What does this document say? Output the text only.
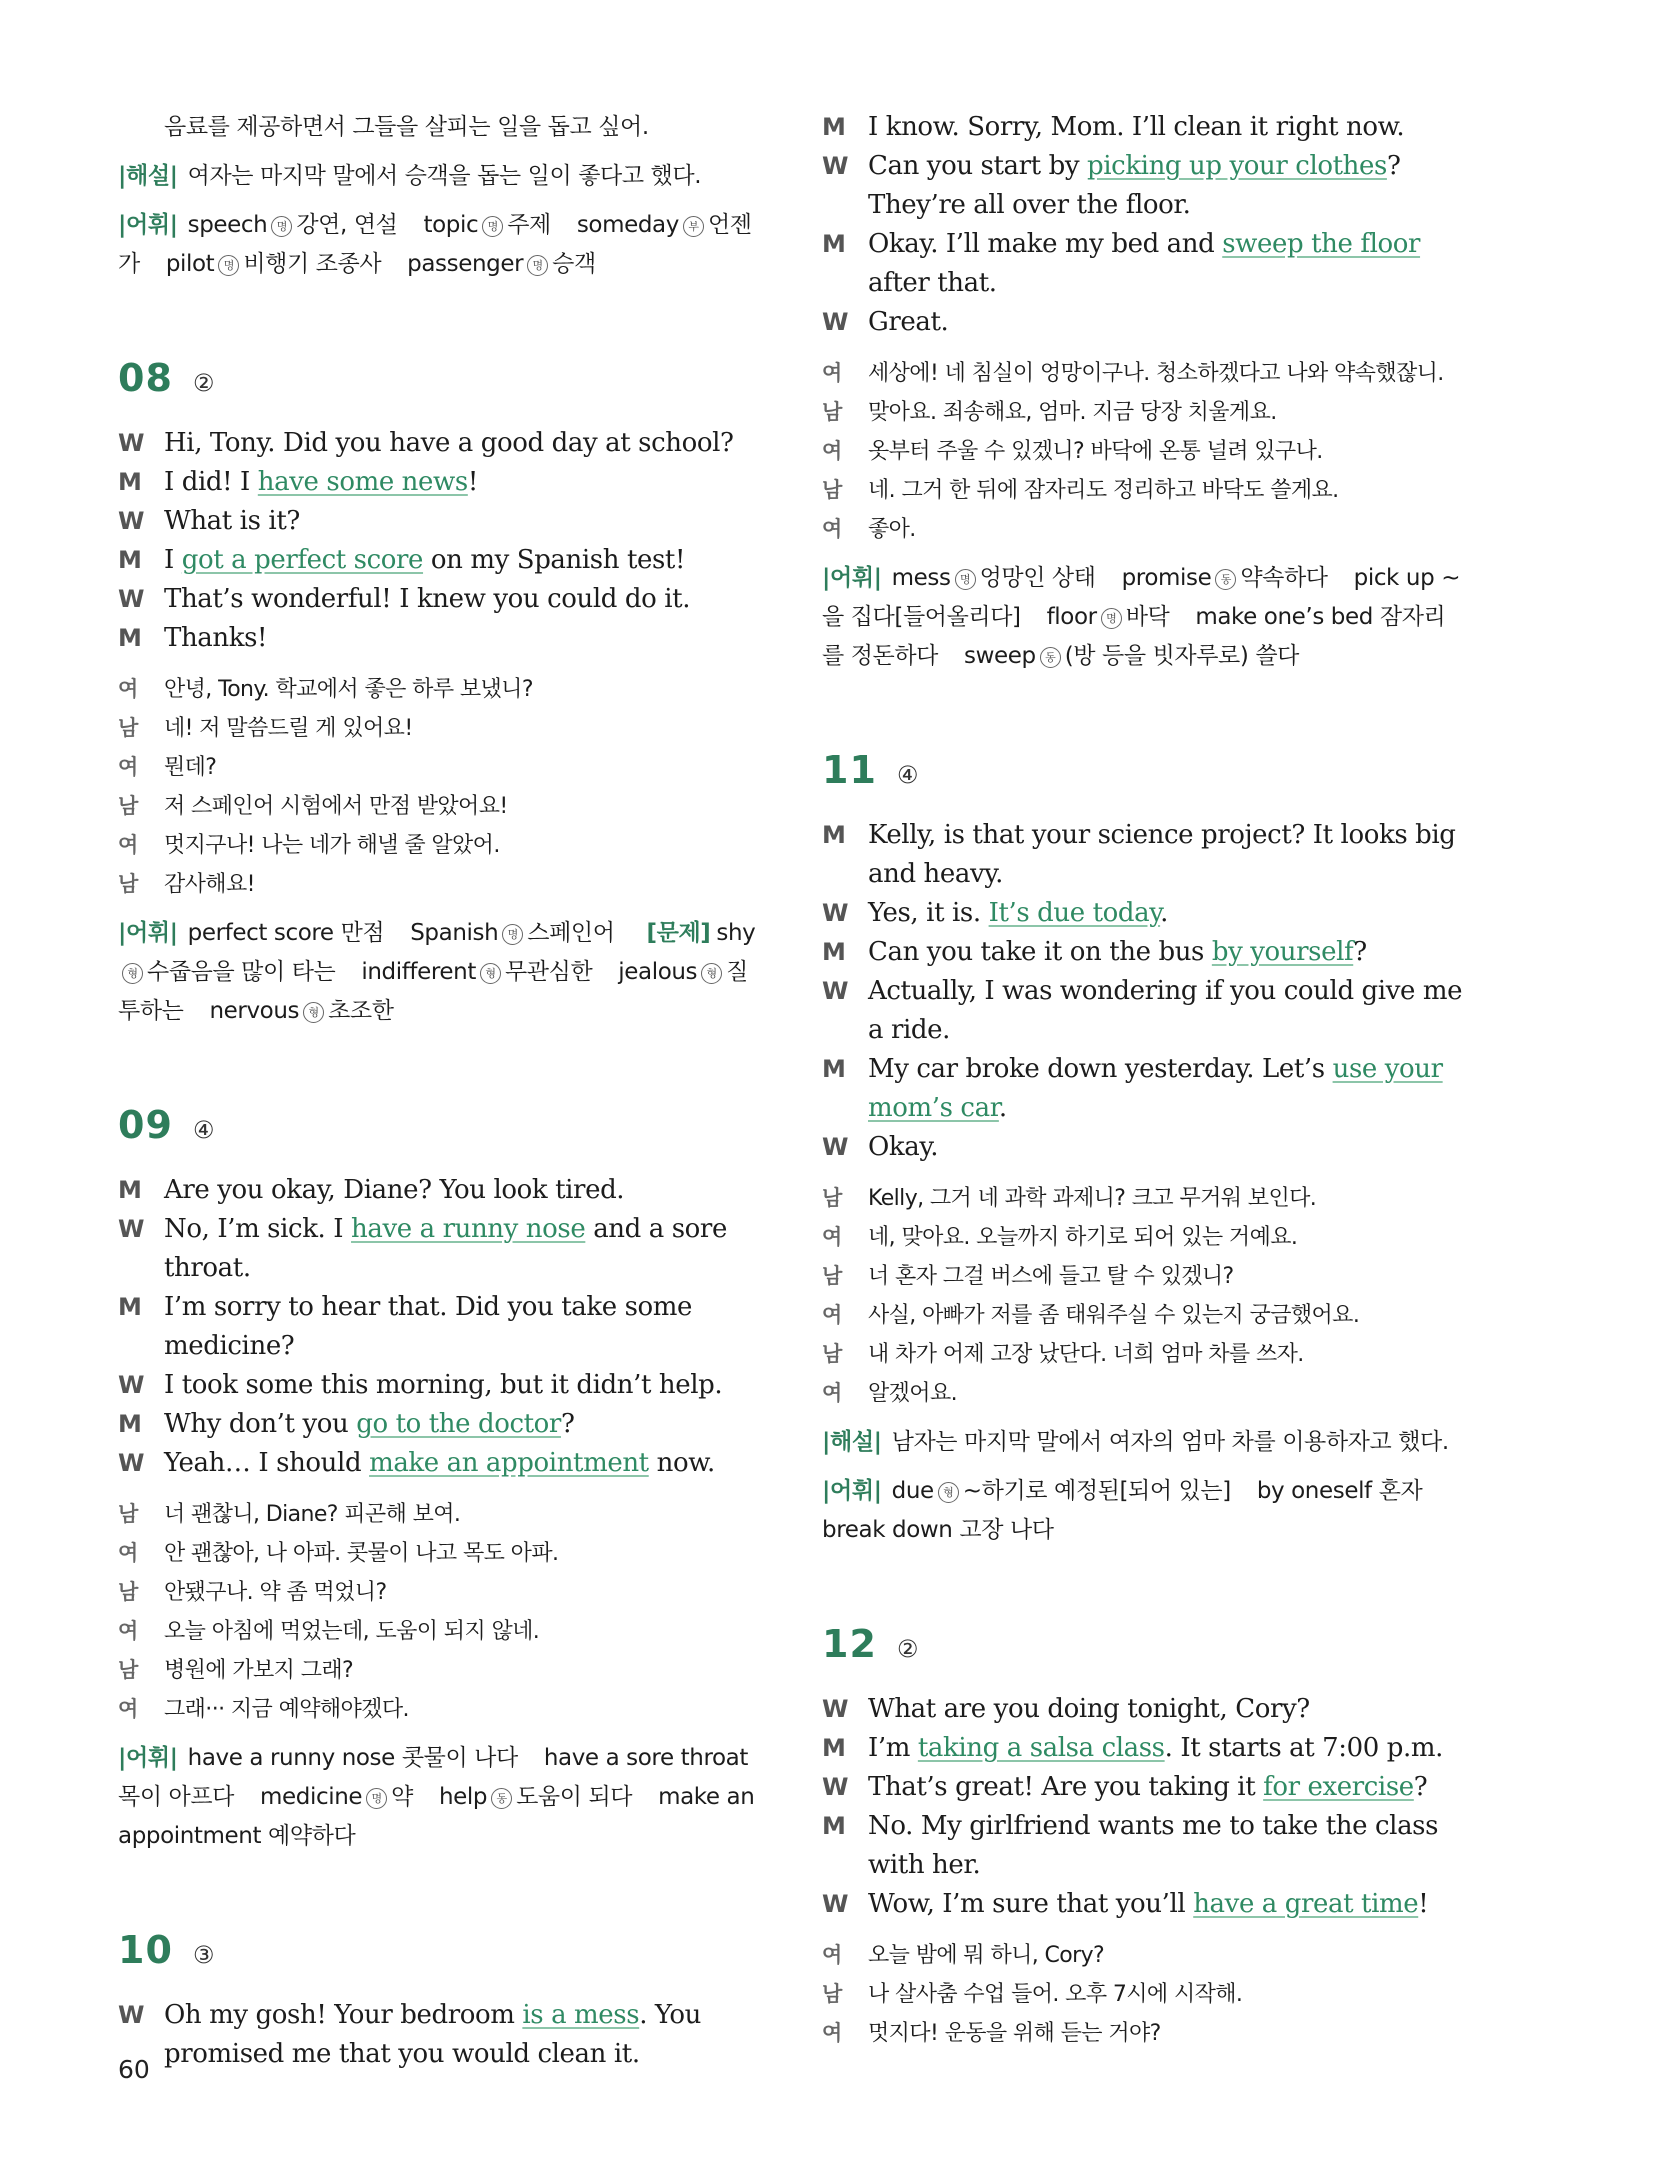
음료를 제공하면서 그들을 살피는 일을 돕고 싶어.
|해설| 여자는 마지막 말에서 승객을 돕는 일이 좋다고 했다.
|어휘| speech 명 강연, 연설 topic 명 주제 someday 부 언젠가 pilot 명 비행기 조종사 passenger 명 승객
08 ②
W Hi, Tony. Did you have a good day at school?
M I did! I have some news!
W What is it?
M I got a perfect score on my Spanish test!
W That’s wonderful! I knew you could do it.
M Thanks!
여	안녕, Tony. 학교에서 좋은 하루 보냈니?
남	네! 저 말씀드릴 게 있어요!
여	뭔데?
남	저 스페인어 시험에서 만점 받았어요!
여	멋지구나! 나는 네가 해낼 줄 알았어.
남	감사해요!
|어휘| perfect score 만점 Spanish 명 스페인어 [문제] shy형 수줍음을 많이 타는 indifferent 형 무관심한 jealous 형 질투하는 nervous 형 초조한
09 ④
M Are you okay, Diane? You look tired.
W No, I’m sick. I have a runny nose and a sore throat.
M I’m sorry to hear that. Did you take some medicine?
W I took some this morning, but it didn’t help.
M Why don’t you go to the doctor?
W Yeah… I should make an appointment now.
남	너 괜찮니, Diane? 피곤해 보여.
여	안 괜찮아, 나 아파. 콧물이 나고 목도 아파.
남	안됐구나. 약 좀 먹었니?
여	오늘 아침에 먹었는데, 도움이 되지 않네.
남	병원에 가보지 그래?
여	그래··· 지금 예약해야겠다.
|어휘| have a runny nose 콧물이 나다 have a sore throat 목이 아프다 medicine 명 약 help 동 도움이 되다 make an appointment 예약하다
10 ③
W Oh my gosh! Your bedroom is a mess. You promised me that you would clean it.
M I know. Sorry, Mom. I’ll clean it right now.
W Can you start by picking up your clothes? They’re all over the floor.
M Okay. I’ll make my bed and sweep the floor after that.
W Great.
여	세상에! 네 침실이 엉망이구나. 청소하겠다고 나와 약속했잖니.
남	맞아요. 죄송해요, 엄마. 지금 당장 치울게요.
여	옷부터 주울 수 있겠니? 바닥에 온통 널려 있구나.
남	네. 그거 한 뒤에 잠자리도 정리하고 바닥도 쓸게요.
여	좋아.
|어휘| mess 명 엉망인 상태 promise 동 약속하다 pick up ~을 집다[들어올리다] floor 명 바닥 make one’s bed 잠자리를 정돈하다 sweep 동 (방 등을 빗자루로) 쓸다
11 ④
M Kelly, is that your science project? It looks big and heavy.
W Yes, it is. It’s due today.
M Can you take it on the bus by yourself?
W Actually, I was wondering if you could give me a ride.
M My car broke down yesterday. Let’s use your mom’s car.
W Okay.
남	Kelly, 그거 네 과학 과제니? 크고 무거워 보인다.
여	네, 맞아요. 오늘까지 하기로 되어 있는 거예요.
남	너 혼자 그걸 버스에 들고 탈 수 있겠니?
여	사실, 아빠가 저를 좀 태워주실 수 있는지 궁금했어요.
남	내 차가 어제 고장 났단다. 너희 엄마 차를 쓰자.
여	알겠어요.
|해설| 남자는 마지막 말에서 여자의 엄마 차를 이용하자고 했다.
|어휘| due 형 ~하기로 예정된[되어 있는] by oneself 혼자break down 고장 나다
12 ②
W What are you doing tonight, Cory?
M I’m taking a salsa class. It starts at 7:00 p.m.
W That’s great! Are you taking it for exercise?
M No. My girlfriend wants me to take the class with her.
W Wow, I’m sure that you’ll have a great time!
여	오늘 밤에 뭐 하니, Cory?
남	나 살사춤 수업 들어. 오후 7시에 시작해.
여	멋지다! 운동을 위해 듣는 거야?
60
